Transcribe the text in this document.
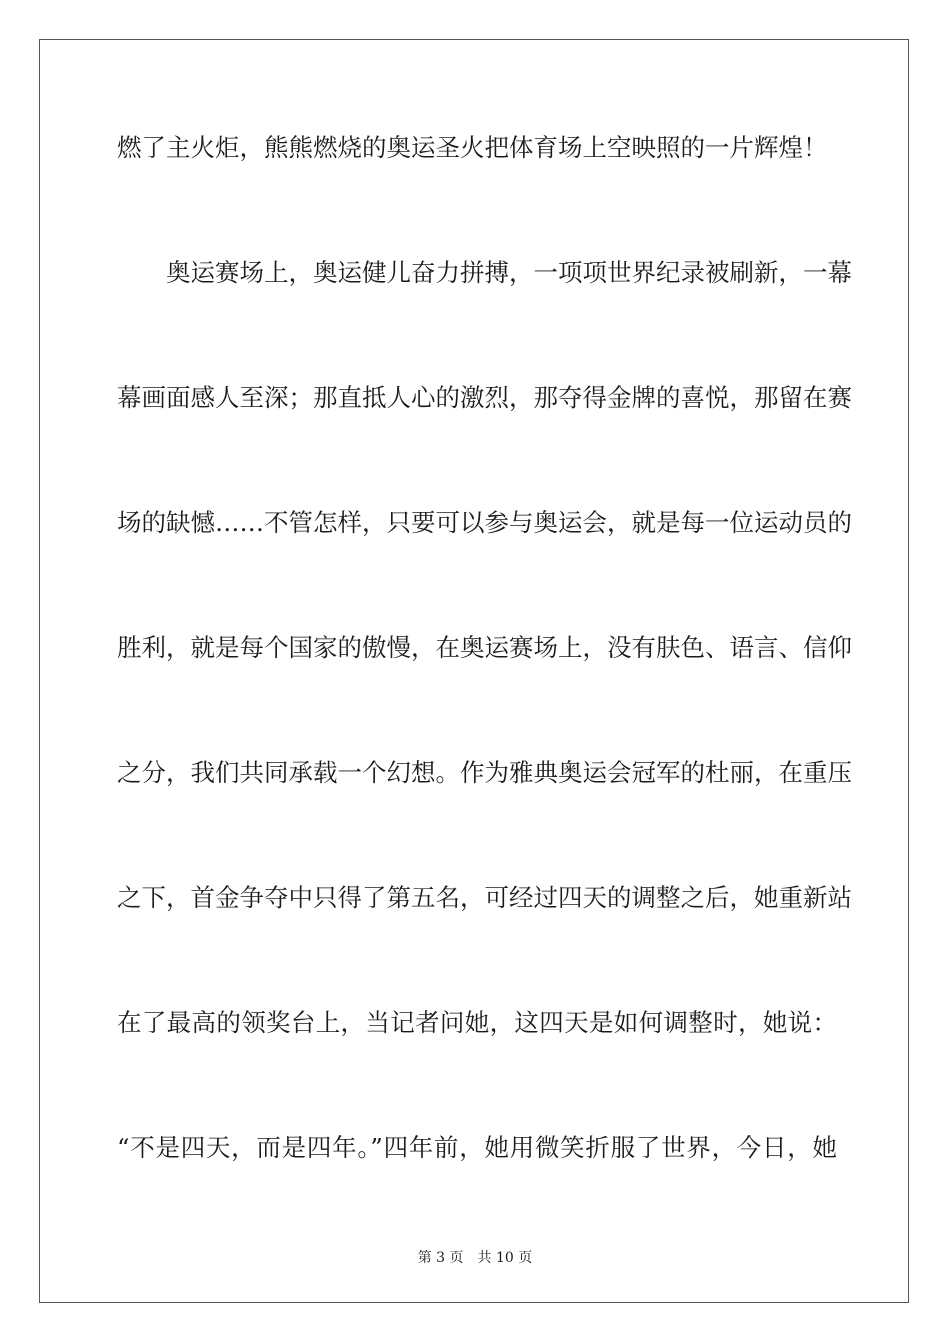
燃了主火炬，熊熊燃烧的奥运圣火把体育场上空映照的一片辉煌！
　　奥运赛场上，奥运健儿奋力拼搏，一项项世界纪录被刷新，一幕
幕画面感人至深；那直抵人心的激烈，那夺得金牌的喜悦，那留在赛
场的缺憾……不管怎样，只要可以参与奥运会，就是每一位运动员的
胜利，就是每个国家的傲慢，在奥运赛场上，没有肤色、语言、信仰
之分，我们共同承载一个幻想。作为雅典奥运会冠军的杜丽，在重压
之下，首金争夺中只得了第五名，可经过四天的调整之后，她重新站
在了最高的领奖台上，当记者问她，这四天是如何调整时，她说：
“不是四天，而是四年。”四年前，她用微笑折服了世界，今日，她
第 3 页　共 10 页
